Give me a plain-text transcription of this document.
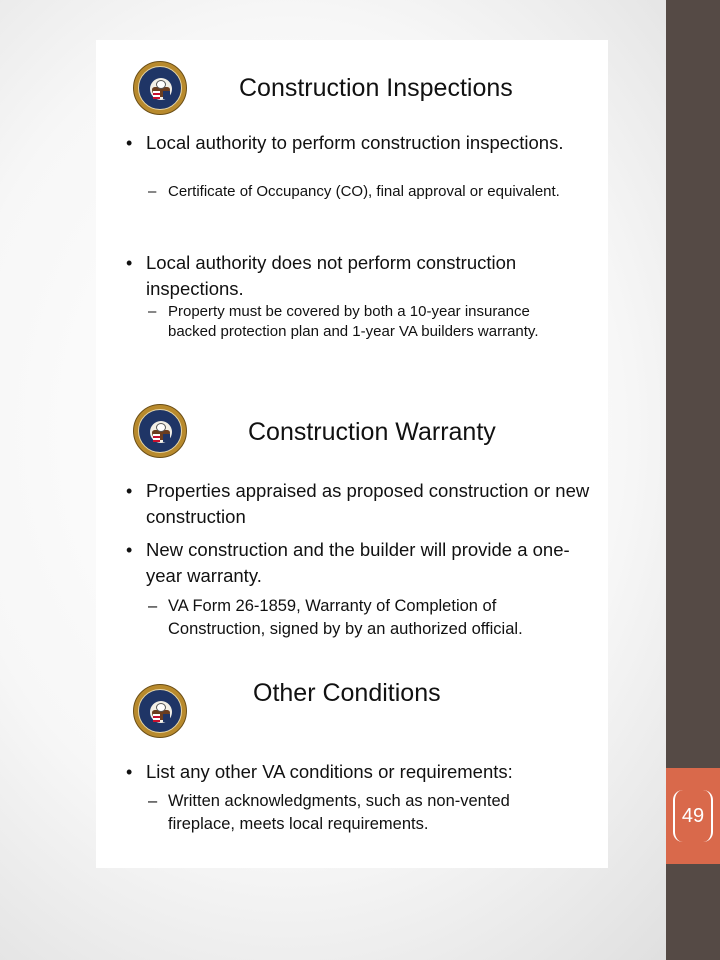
49
Construction Inspections
• Local authority to perform construction inspections.
– Certificate of Occupancy (CO), final approval or equivalent.
• Local authority does not perform construction inspections.
– Property must be covered by both a 10-year insurance backed protection plan and 1-year VA builders warranty.
Construction Warranty
• Properties appraised as proposed construction or new construction
• New construction and the builder will provide a one-year warranty.
– VA Form 26-1859, Warranty of Completion of Construction, signed by by an authorized official.
Other Conditions
• List any other VA conditions or requirements:
– Written acknowledgments, such as non-vented fireplace, meets local requirements.
